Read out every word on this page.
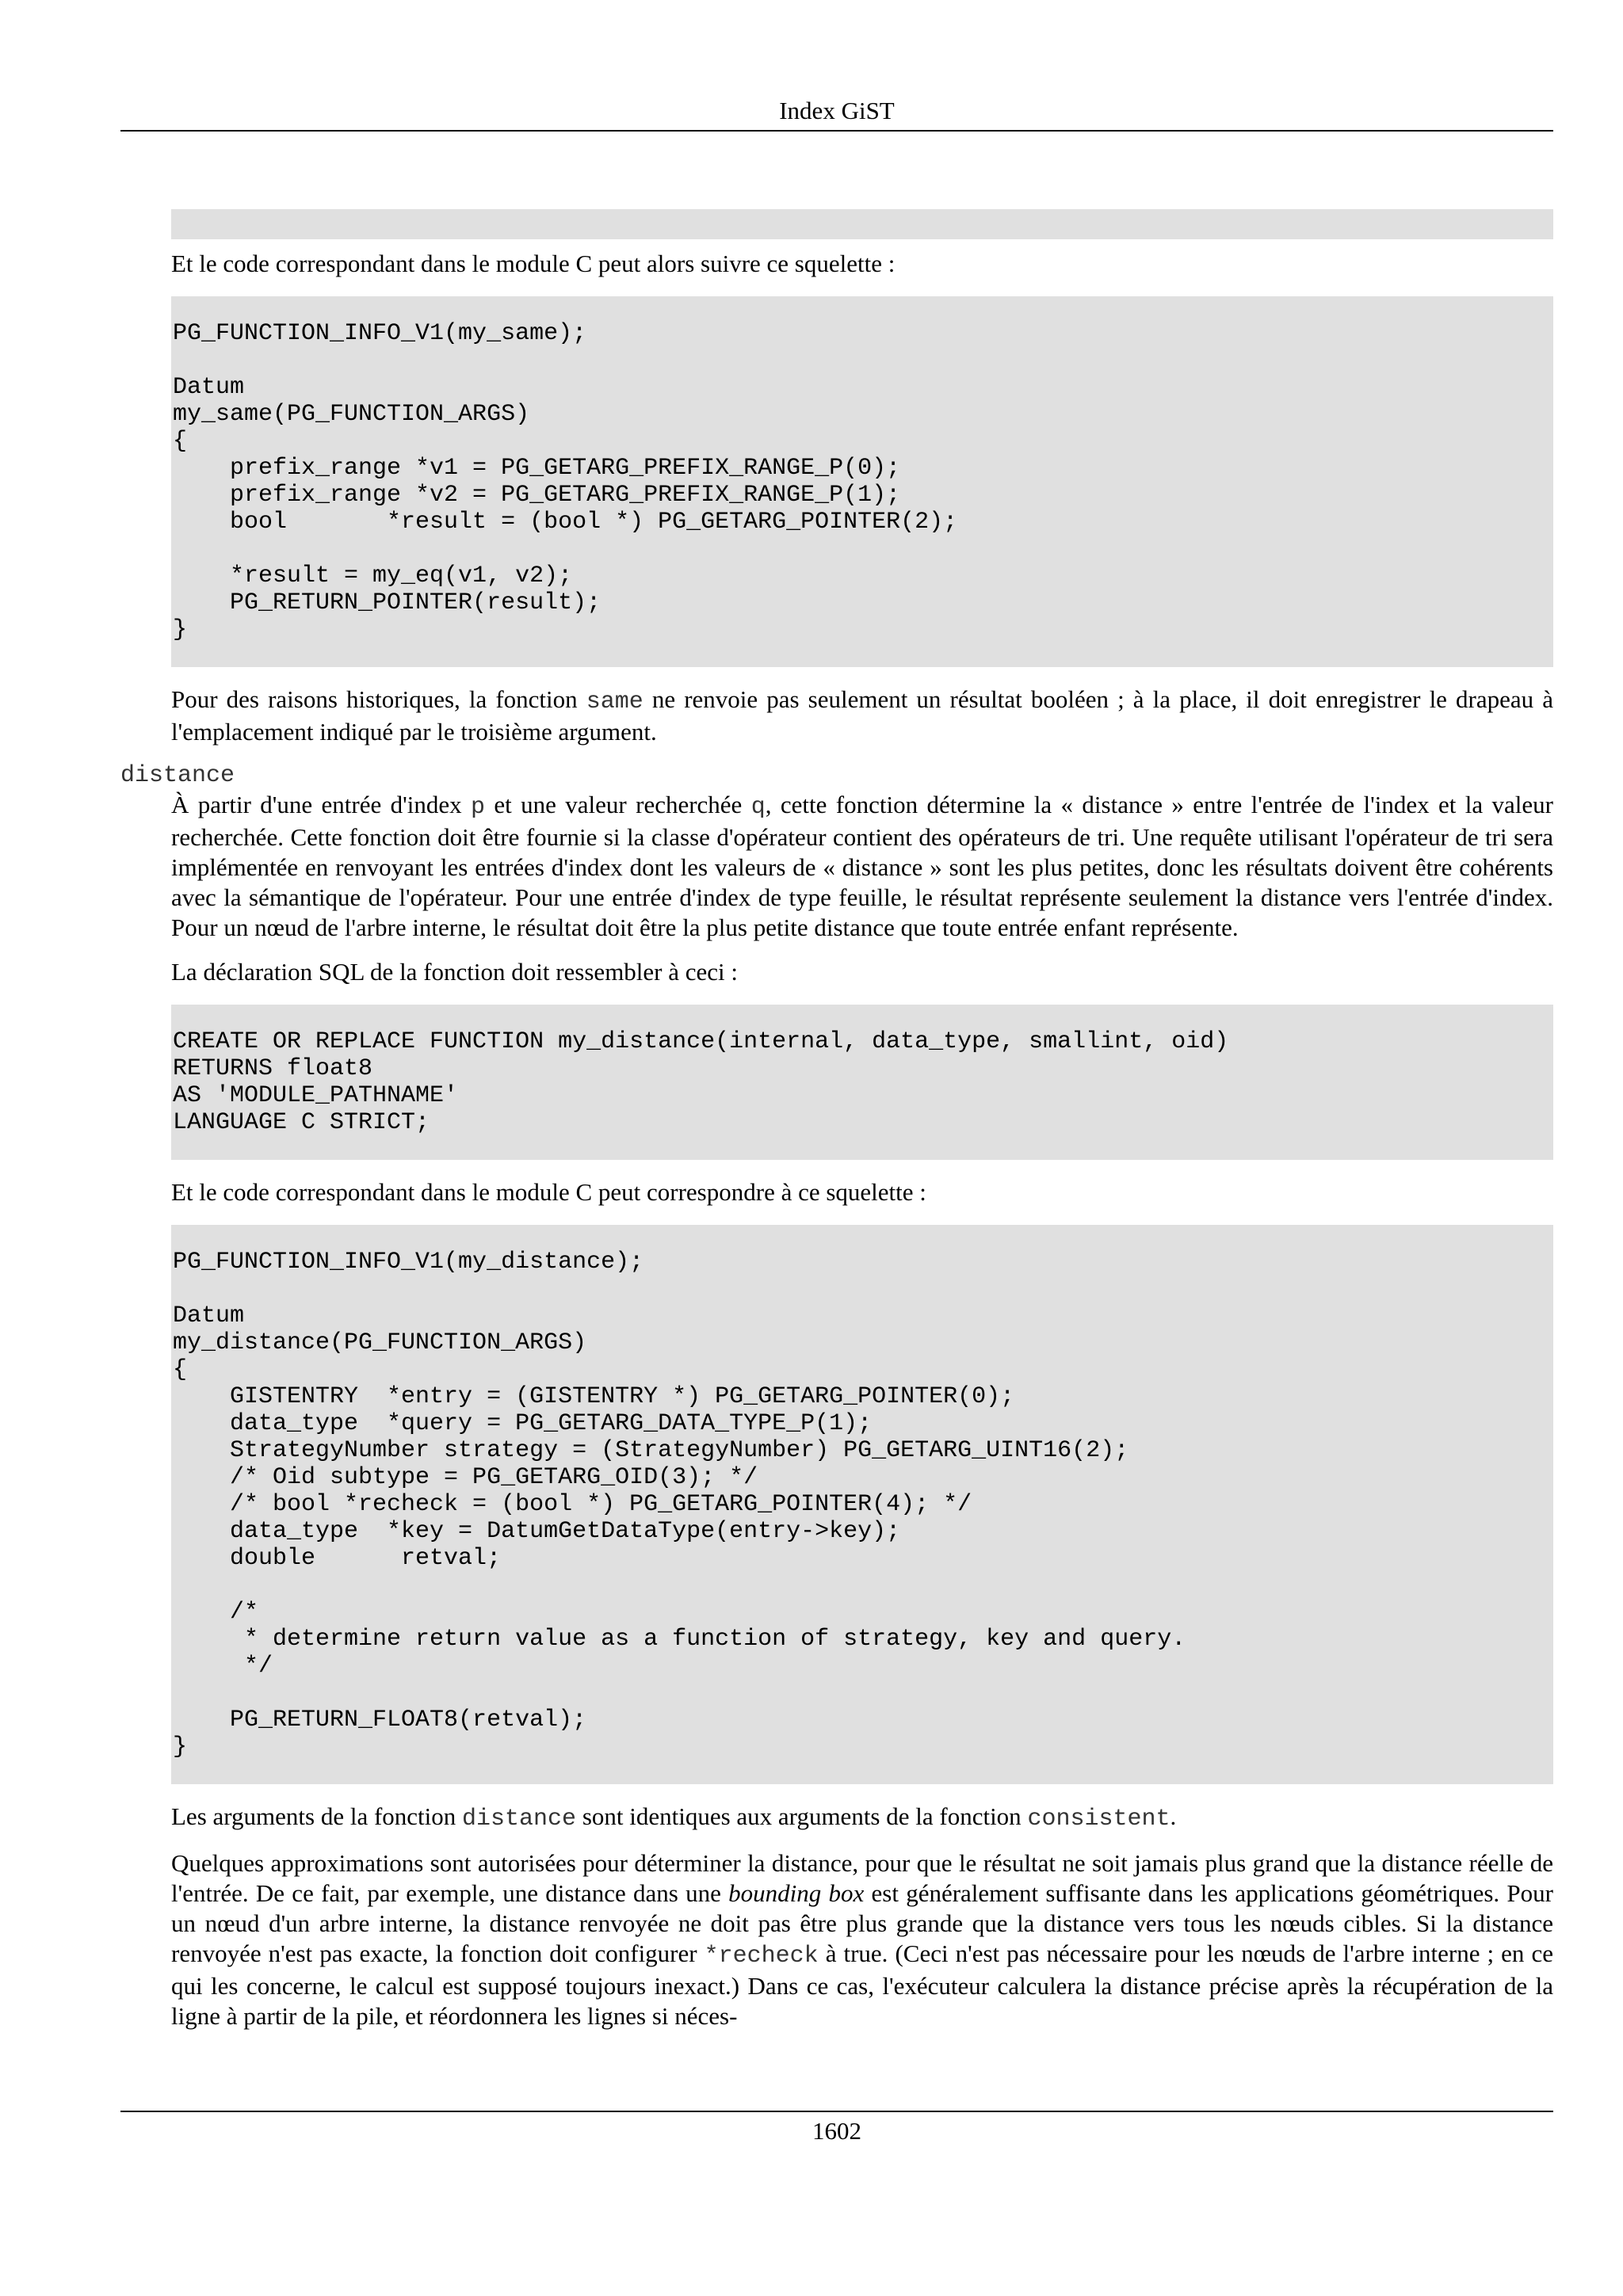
Index GiST

Et le code correspondant dans le module C peut alors suivre ce squelette :

PG_FUNCTION_INFO_V1(my_same);

Datum
my_same(PG_FUNCTION_ARGS)
{
prefix_range *v1 = PG_GETARG_PREFIX_RANGE_P(0);
prefix_range *v2 = PG_GETARG_PREFIX_RANGE_P(1);
bool       *result = (bool *) PG_GETARG_POINTER(2);

*result = my_eq(v1, v2);
PG_RETURN_POINTER(result);
}

Pour des raisons historiques, la fonction same ne renvoie pas seulement un résultat booléen ; à la place, il doit enregistrer le drapeau à l'emplacement indiqué par le troisième argument.

distance

À partir d'une entrée d'index p et une valeur recherchée q, cette fonction détermine la « distance » entre l'entrée de l'index et la valeur recherchée. Cette fonction doit être fournie si la classe d'opérateur contient des opérateurs de tri. Une requête utilisant l'opérateur de tri sera implémentée en renvoyant les entrées d'index dont les valeurs de « distance » sont les plus petites, donc les résultats doivent être cohérents avec la sémantique de l'opérateur. Pour une entrée d'index de type feuille, le résultat représente seulement la distance vers l'entrée d'index. Pour un nœud de l'arbre interne, le résultat doit être la plus petite distance que toute entrée enfant représente.

La déclaration SQL de la fonction doit ressembler à ceci :

CREATE OR REPLACE FUNCTION my_distance(internal, data_type, smallint, oid)
RETURNS float8
AS 'MODULE_PATHNAME'
LANGUAGE C STRICT;

Et le code correspondant dans le module C peut correspondre à ce squelette :

PG_FUNCTION_INFO_V1(my_distance);

Datum
my_distance(PG_FUNCTION_ARGS)
{
GISTENTRY  *entry = (GISTENTRY *) PG_GETARG_POINTER(0);
data_type  *query = PG_GETARG_DATA_TYPE_P(1);
StrategyNumber strategy = (StrategyNumber) PG_GETARG_UINT16(2);
/* Oid subtype = PG_GETARG_OID(3); */
/* bool *recheck = (bool *) PG_GETARG_POINTER(4); */
data_type  *key = DatumGetDataType(entry->key);
double      retval;

/*
* determine return value as a function of strategy, key and query.
*/

PG_RETURN_FLOAT8(retval);
}

Les arguments de la fonction distance sont identiques aux arguments de la fonction consistent.

Quelques approximations sont autorisées pour déterminer la distance, pour que le résultat ne soit jamais plus grand que la distance réelle de l'entrée. De ce fait, par exemple, une distance dans une bounding box est généralement suffisante dans les applications géométriques. Pour un nœud d'un arbre interne, la distance renvoyée ne doit pas être plus grande que la distance vers tous les nœuds cibles. Si la distance renvoyée n'est pas exacte, la fonction doit configurer *recheck à true. (Ceci n'est pas nécessaire pour les nœuds de l'arbre interne ; en ce qui les concerne, le calcul est supposé toujours inexact.) Dans ce cas, l'exécuteur calculera la distance précise après la récupération de la ligne à partir de la pile, et réordonnera les lignes si néces-

1602
